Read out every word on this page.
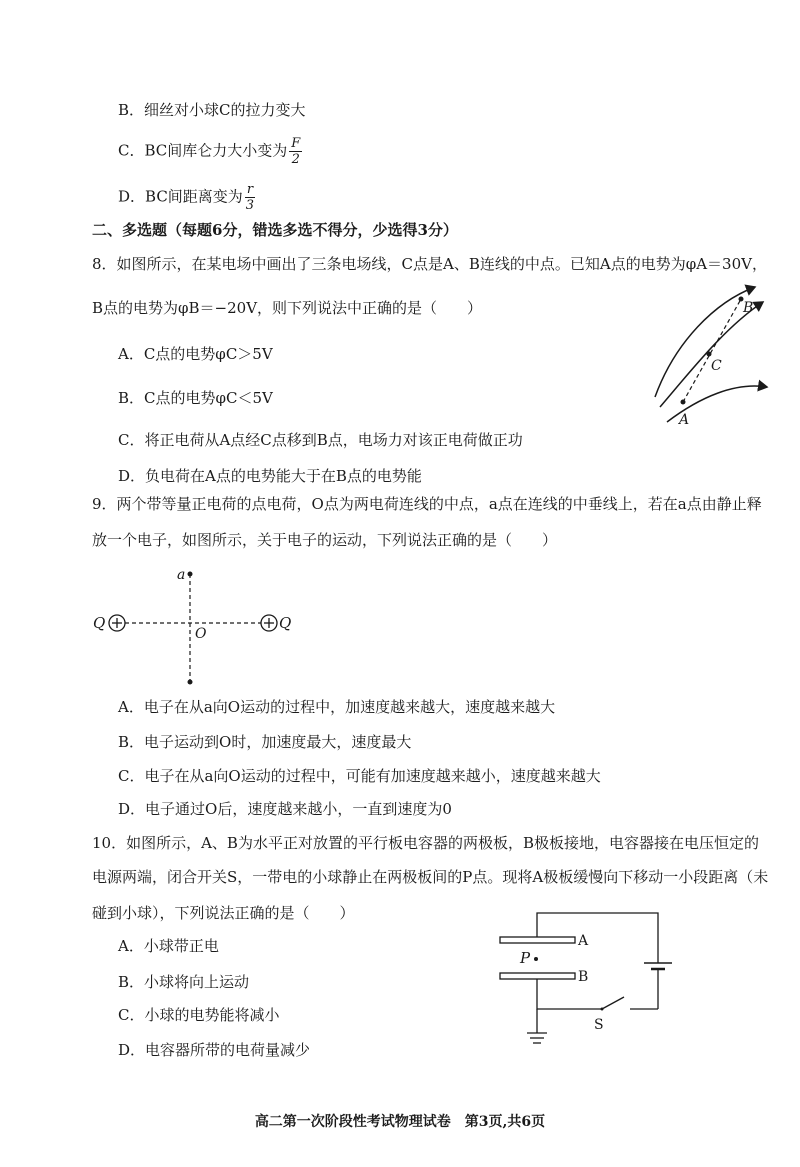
B．细丝对小球C的拉力变大
C．BC间库仑力大小变为 $\frac{F}{2}$
D．BC间距离变为 $\frac{r}{3}$
二、多选题（每题6分，错选多选不得分，少选得3分）
8．如图所示，在某电场中画出了三条电场线，C点是A、B连线的中点。已知A点的电势为φA＝30V，
B点的电势为φB＝−20V，则下列说法中正确的是（　　）
A．C点的电势φC＞5V
B．C点的电势φC＜5V
C．将正电荷从A点经C点移到B点，电场力对该正电荷做正功
D．负电荷在A点的电势能大于在B点的电势能
B
C
A
9．两个带等量正电荷的点电荷，O点为两电荷连线的中点，a点在连线的中垂线上，若在a点由静止释
放一个电子，如图所示，关于电子的运动，下列说法正确的是（　　）
a
O
Q	Q
A．电子在从a向O运动的过程中，加速度越来越大，速度越来越大
B．电子运动到O时，加速度最大，速度最大
C．电子在从a向O运动的过程中，可能有加速度越来越小，速度越来越大
D．电子通过O后，速度越来越小，一直到速度为0
10．如图所示，A、B为水平正对放置的平行板电容器的两极板，B极板接地，电容器接在电压恒定的
电源两端，闭合开关S，一带电的小球静止在两极板间的P点。现将A极板缓慢向下移动一小段距离（未
碰到小球），下列说法正确的是（　　）
A．小球带正电
B．小球将向上运动
C．小球的电势能将减小
D．电容器所带的电荷量减少
A
B
P
S
高二第一次阶段性考试物理试卷　第3页,共6页
